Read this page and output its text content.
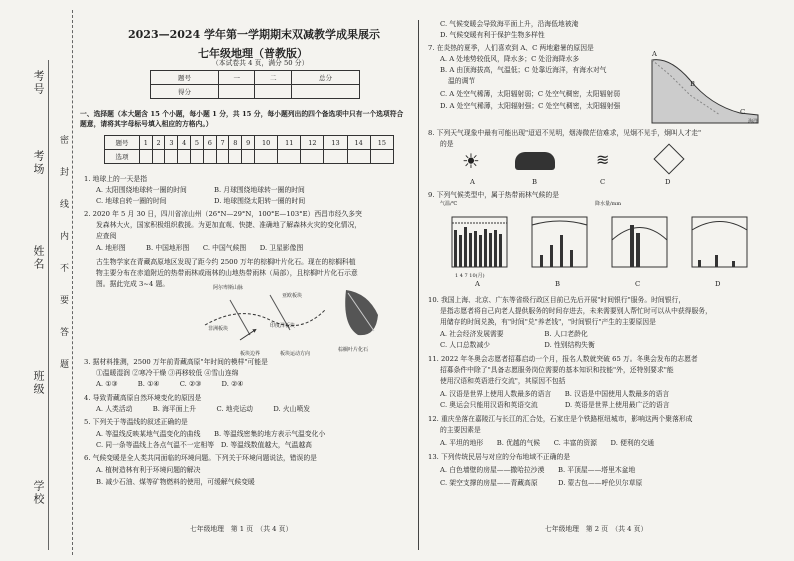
考号
考场
姓名
班级
学校
密
封
线
内
不
要
答
题
2023—2024 学年第一学期期末双减教学成果展示
七年级地理（普教版）
（本试卷共 4 页，满分 50 分）
题号	一	二	总分
得分			
一、选择题（本大题含 15 个小题，每小题 1 分，共 15 分，每小题列出的四个备选项中只有一个选项符合
题意，请将其字母标号填入相应的方格内。）
题号	1	2	3	4	5	6	7	8	9	10	11	12	13	14	15
选项															
1. 地球上的一天是指
A. 太阳围绕地球转一圈的时间　　　　B. 月球围绕地球转一圈的时间
C. 地球自转一圈的时间　　　　　　　D. 地球围绕太阳转一圈的时间
2. 2020 年 5 月 30 日，四川省凉山州（26°N—29°N，100°E—103°E）西昌市经久多突
发森林大火，国家积极组织救援。为更加直观、快捷、准确地了解森林火灾的变化情况，
应查阅
A. 地形图　　　B. 中国地形图　　C. 中国气候图　　D. 卫星影像图
古生物学家在青藏高原地区发现了距今约 2500 万年的棕榈叶片化石。现在的棕榈科植
物主要分布在赤道附近的热带雨林或雨林的山地热带雨林（局部），且棕榈叶片化石示意
图。据此完成 3~4 题。	阿尔卑斯山脉
亚欧板块
非洲板块	印度洋板块
板块边界	板块运动方向
棕榈叶片化石
3. 据材料推测，2500 万年前青藏高原"年时间的模样"可能是
①温暖湿润 ②寒冷干燥 ③再移较低 ④雪山连绵
A. ①③　　　B. ①④　　　C. ②③　　　D. ②④
4. 导致青藏高原自然环境变化的原因是
A. 人类活动　　　B. 海平面上升　　　C. 地壳运动　　　D. 火山喷发
5. 下列关于等温线的叙述正确的是
A. 等温线反映某地气温变化的曲线　　B. 等温线密集的地方表示气温变化小
C. 同一条等温线上各点气温不一定相等　D. 等温线数值越大，气温越高
6. 气候变暖是全人类共同面临的环境问题。下列关于环境问题说法，错误的是
A. 植树造林有利于环境问题的解决
B. 减少石油、煤等矿物燃料的使用，可缓解气候变暖
七年级地理　第 1 页　（共 4 页）
C. 气候变暖会导致海平面上升，沿海低地被淹
D. 气候变暖有利于保护生物多样性
7. 在炎热的夏季，人们喜欢到 A、C 两地避暑的原因是
A. A 处地势较低风，降水多；C 处沿海降水多
B. A 由顶海拔高，气温低；C 处靠近海洋，有海水对气
温的调节
C. A 处空气稀薄，太阳辐射弱；C 处空气稠密，太阳辐射弱
D. A 处空气稀薄，太阳辐射强；C 处空气稠密，太阳辐射强
A
B
C
海洋
8. 下列天气现象中最有可能出现"迢迢不见明，烟涛微茫信难求，见炯不见手，炯叫人才走"
的是
☀	≋
A	B	C	D
9. 下列气候类型中，属于热带雨林气候的是
气温/℃	降水量/mm
1 4 7 10(月)
A	B	C	D
10. 我国上海、北京、广东等省级行政区目前已先后开展"时间银行"服务。时间银行，
是指志愿者将自己向老人提供服务的时间存进去，未来需要别人帮忙时可以从中获得服务，
用储存的时间兑换，有"时间"兑"养老钱"，"时间银行"产生的主要原因是
A. 社会经济发展需要　　　　　　B. 人口老龄化
C. 人口总数减少　　　　　　　　D. 性别结构失衡
11. 2022 年冬奥会志愿者招募启动一个月，报名人数就突破 65 万。冬奥会发布的志愿者
招募条件中除了"具备志愿服务岗位需要的基本知识和技能"外，还特别要求"能
使用汉语和英语进行交流"，其原因不包括
A. 汉语是世界上使用人数最多的语言　　B. 汉语是中国使用人数最多的语言
C. 奥运会只能用汉语和英语交流　　　　D. 英语是世界上使用最广泛的语言
12. 重庆坐落在嘉陵江与长江的汇合处，石家庄是个铁路枢纽城市，影响这两个聚落形成
的主要因素是
A. 平坦的地形　　B. 优越的气候　　C. 丰富的资源　　D. 便利的交通
13. 下列传统民居与对应的分布地域不正确的是
A. 白色墙壁的房屋——撒哈拉沙漠　　B. 平顶屋——塔里木盆地
C. 架空支撑的房屋——青藏高原　　　D. 蒙古包——呼伦贝尔草原
七年级地理　第 2 页　（共 4 页）
